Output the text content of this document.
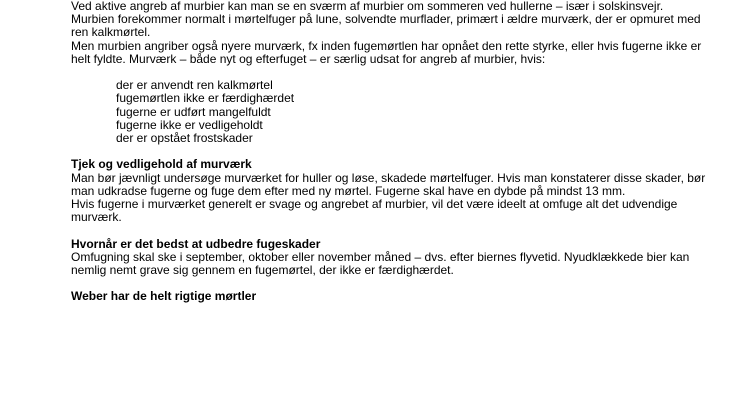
Ved aktive angreb af murbier kan man se en sværm af murbier om sommeren ved hullerne – især i solskinsvejr.

Murbien forekommer normalt i mørtelfuger på lune, solvendte murflader, primært i ældre murværk, der er opmuret med ren kalkmørtel.

Men murbien angriber også nyere murværk, fx inden fugemørtlen har opnået den rette styrke, eller hvis fugerne ikke er helt fyldte. Murværk – både nyt og efterfuget – er særlig udsat for angreb af murbier, hvis:

der er anvendt ren kalkmørtel
fugemørtlen ikke er færdighærdet
fugerne er udført mangelfuldt
fugerne ikke er vedligeholdt
der er opstået frostskader
Tjek og vedligehold af murværk

Man bør jævnligt undersøge murværket for huller og løse, skadede mørtelfuger. Hvis man konstaterer disse skader, bør man udkradse fugerne og fuge dem efter med ny mørtel. Fugerne skal have en dybde på mindst 13 mm.

Hvis fugerne i murværket generelt er svage og angrebet af murbier, vil det være ideelt at omfuge alt det udvendige murværk.

Hvornår er det bedst at udbedre fugeskader

Omfugning skal ske i september, oktober eller november måned – dvs. efter biernes flyvetid. Nyudklækkede bier kan nemlig nemt grave sig gennem en fugemørtel, der ikke er færdighærdet.

Weber har de helt rigtige mørtler
